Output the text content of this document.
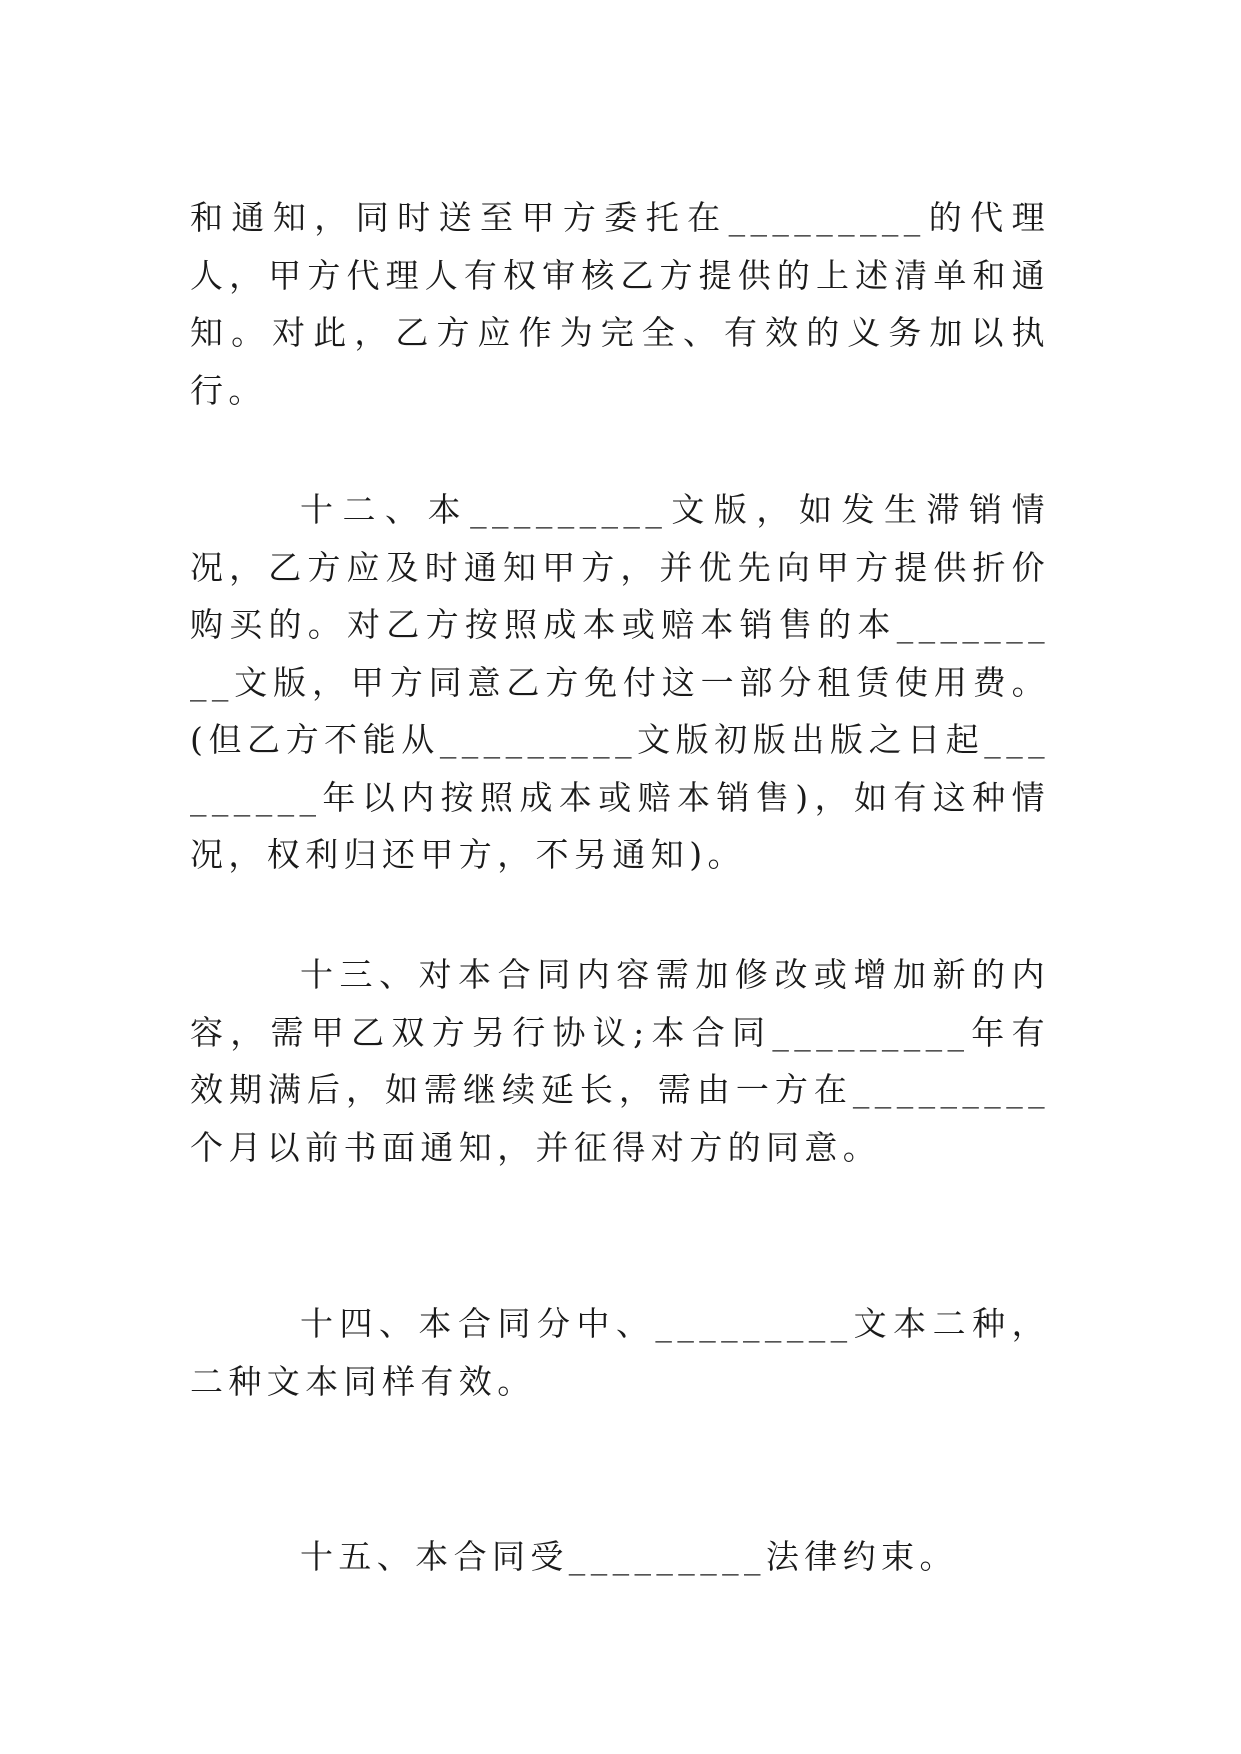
和通知，同时送至甲方委托在_________的代理人，甲方代理人有权审核乙方提供的上述清单和通知。对此，乙方应作为完全、有效的义务加以执行。

十二、本_________文版，如发生滞销情况，乙方应及时通知甲方，并优先向甲方提供折价购买的。对乙方按照成本或赔本销售的本_________文版，甲方同意乙方免付这一部分租赁使用费。(但乙方不能从_________文版初版出版之日起_________年以内按照成本或赔本销售)，如有这种情况，权利归还甲方，不另通知)。

十三、对本合同内容需加修改或增加新的内容，需甲乙双方另行协议;本合同_________年有效期满后，如需继续延长，需由一方在_________个月以前书面通知，并征得对方的同意。

十四、本合同分中、_________文本二种，二种文本同样有效。

十五、本合同受_________法律约束。
